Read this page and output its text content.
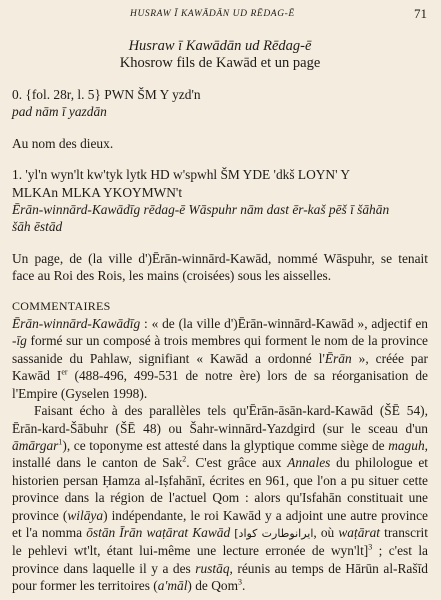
HUSRAW Ī KAWĀDĀN UD RĒDAG-Ē	71
Husraw ī Kawādān ud Rēdag-ē
Khosrow fils de Kawād et un page

0. {fol. 28r, l. 5} PWN ŠM Y yzd'n

pad nām ī yazdān

Au nom des dieux.

1. 'yl'n wyn'lt kw'tyk lytk HD w'spwhl ŠM YDE 'dkš LOYN' Y

MLKAn MLKA YKOYMWN't

Ērān-winnārd-Kawādīg rēdag-ē Wāspuhr nām dast ēr-kaš pēš ī šāhān

šāh ēstād

Un page, de (la ville d')Ērān-winnārd-Kawād, nommé Wāspuhr, se tenait face au Roi des Rois, les mains (croisées) sous les aisselles.

COMMENTAIRES

Ērān-winnārd-Kawādīg : « de (la ville d')Ērān-winnārd-Kawād », adjectif en -īg formé sur un composé à trois membres qui forment le nom de la province sassanide du Pahlaw, signifiant « Kawād a ordonné l'Ērān », créée par Kawād Ier (488-496, 499-531 de notre ère) lors de sa réorganisation de l'Empire (Gyselen 1998).

Faisant écho à des parallèles tels qu'Ērān-āsān-kard-Kawād (ŠĒ 54), Ērān-kard-Šābuhr (ŠĒ 48) ou Šahr-winnārd-Yazdgird (sur le sceau d'un āmārgar$^1$), ce toponyme est attesté dans la glyptique comme siège de maguh, installé dans le canton de Sak$^2$. C'est grâce aux Annales du philologue et historien persan Ḥamza al-Iṣfahānī, écrites en 961, que l'on a pu situer cette province dans la région de l'actuel Qom : alors qu'Isfahān constituait une province (wilāya) indépendante, le roi Kawād y a adjoint une autre province et l'a nomma ōstān Īrān waṭārat Kawād [ایرانوطارت کواد, où waṭārat transcrit le pehlevi wt'lt, étant lui-même une lecture erronée de wyn'lt]$^3$ ; c'est la province dans laquelle il y a des rustāq, réunis au temps de Hārūn al-Rašīd pour former les territoires (a'māl) de Qom$^3$.
